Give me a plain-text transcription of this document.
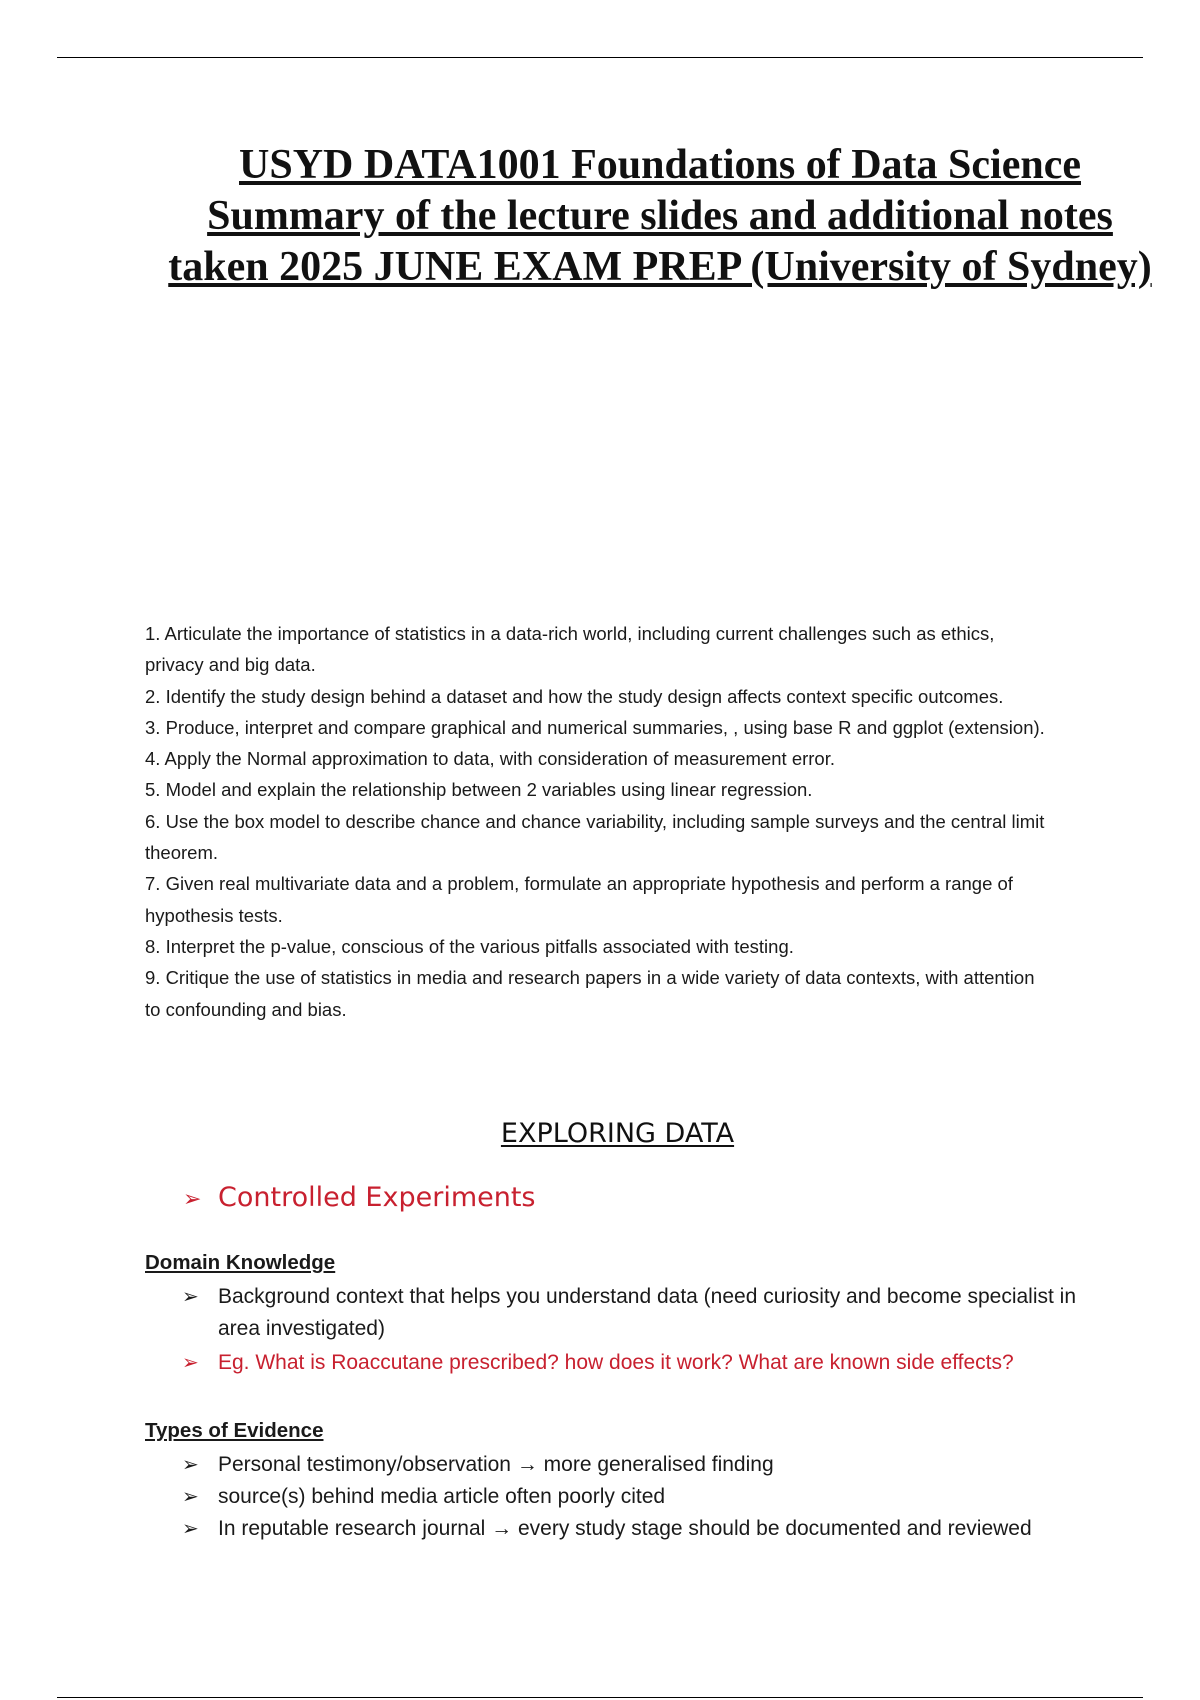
USYD DATA1001 Foundations of Data Science Summary of the lecture slides and additional notes taken 2025 JUNE EXAM PREP (University of Sydney)
1. Articulate the importance of statistics in a data-rich world, including current challenges such as ethics, privacy and big data.
2. Identify the study design behind a dataset and how the study design affects context specific outcomes.
3. Produce, interpret and compare graphical and numerical summaries, , using base R and ggplot (extension).
4. Apply the Normal approximation to data, with consideration of measurement error.
5. Model and explain the relationship between 2 variables using linear regression.
6. Use the box model to describe chance and chance variability, including sample surveys and the central limit theorem.
7. Given real multivariate data and a problem, formulate an appropriate hypothesis and perform a range of hypothesis tests.
8. Interpret the p-value, conscious of the various pitfalls associated with testing.
9. Critique the use of statistics in media and research papers in a wide variety of data contexts, with attention to confounding and bias.
EXPLORING DATA
➢ Controlled Experiments
Domain Knowledge
➢ Background context that helps you understand data (need curiosity and become specialist in area investigated)
➢ Eg. What is Roaccutane prescribed? how does it work? What are known side effects?
Types of Evidence
➢ Personal testimony/observation → more generalised finding
➢ source(s) behind media article often poorly cited
➢ In reputable research journal → every study stage should be documented and reviewed
